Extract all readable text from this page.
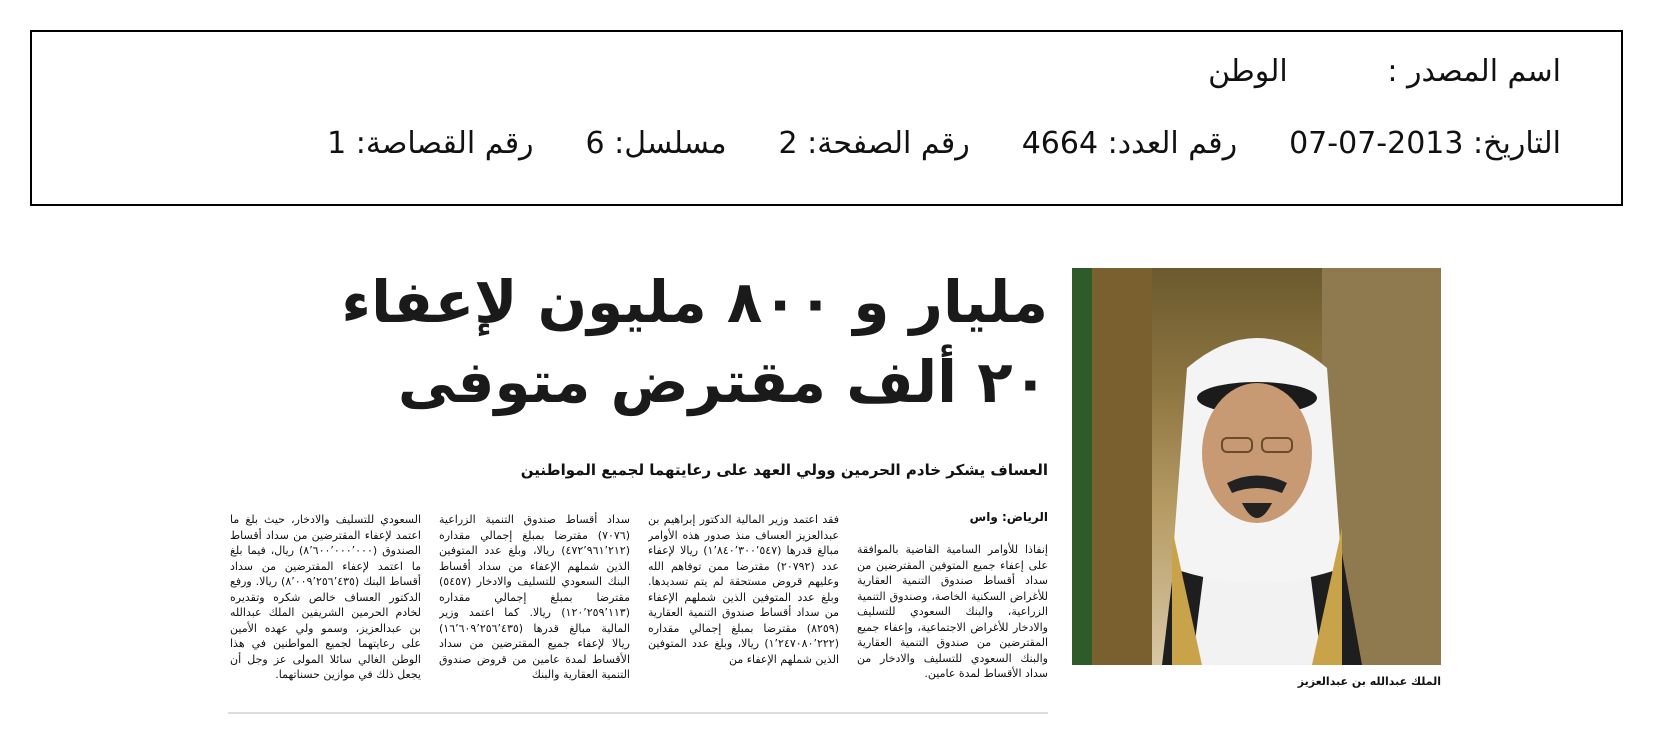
اسم المصدر : الوطن
التاريخ: 2013-07-07
رقم العدد: 4664
رقم الصفحة: 2
مسلسل: 6
رقم القصاصة: 1
الملك عبدالله بن عبدالعزيز
مليار و ٨٠٠ مليون لإعفاء ٢٠ ألف مقترض متوفى
العساف يشكر خادم الحرمين وولي العهد على رعايتهما لجميع المواطنين
الرياض: واس

إنفاذا للأوامر السامية القاضية بالموافقة على إعفاء جميع المتوفين المقترضين من سداد أقساط صندوق التنمية العقارية للأغراض السكنية الخاصة، وصندوق التنمية الزراعية، والبنك السعودي للتسليف والادخار للأغراض الاجتماعية، وإعفاء جميع المقترضين من صندوق التنمية العقارية والبنك السعودي للتسليف والادخار من سداد الأقساط لمدة عامين.

فقد اعتمد وزير المالية الدكتور إبراهيم بن عبدالعزيز العساف منذ صدور هذه الأوامر مبالغ قدرها (١٬٨٤٠٬٣٠٠٬٥٤٧) ريالا لإعفاء عدد (٢٠٧٩٢) مقترضا ممن توفاهم الله وعليهم قروض مستحقة لم يتم تسديدها. وبلغ عدد المتوفين الذين شملهم الإعفاء من سداد أقساط صندوق التنمية العقارية (٨٢٥٩) مقترضا بمبلغ إجمالي مقداره (١٬٢٤٧٠٨٠٬٢٢٢) ريالا، وبلغ عدد المتوفين الذين شملهم الإعفاء من

سداد أقساط صندوق التنمية الزراعية (٧٠٧٦) مقترضا بمبلغ إجمالي مقداره (٤٧٢٬٩٦١٬٢١٢) ريالا، وبلغ عدد المتوفين الذين شملهم الإعفاء من سداد أقساط البنك السعودي للتسليف والادخار (٥٤٥٧) مقترضا بمبلغ إجمالي مقداره (١٢٠٬٢٥٩٬١١٣) ريالا. كما اعتمد وزير المالية مبالغ قدرها (١٦٬٦٠٩٬٢٥٦٬٤٣٥) ريالا لإعفاء جميع المقترضين من سداد الأقساط لمدة عامين من قروض صندوق التنمية العقارية والبنك

السعودي للتسليف والادخار، حيث بلغ ما اعتمد لإعفاء المقترضين من سداد أقساط الصندوق (٨٬٦٠٠٬٠٠٠٬٠٠٠) ريال، فيما بلغ ما اعتمد لإعفاء المقترضين من سداد أقساط البنك (٨٬٠٠٩٬٢٥٦٬٤٣٥) ريالا. ورفع الدكتور العساف خالص شكره وتقديره لخادم الحرمين الشريفين الملك عبدالله بن عبدالعزيز، وسمو ولي عهده الأمين على رعايتهما لجميع المواطنين في هذا الوطن الغالي سائلا المولى عز وجل أن يجعل ذلك في موازين حسناتهما.
